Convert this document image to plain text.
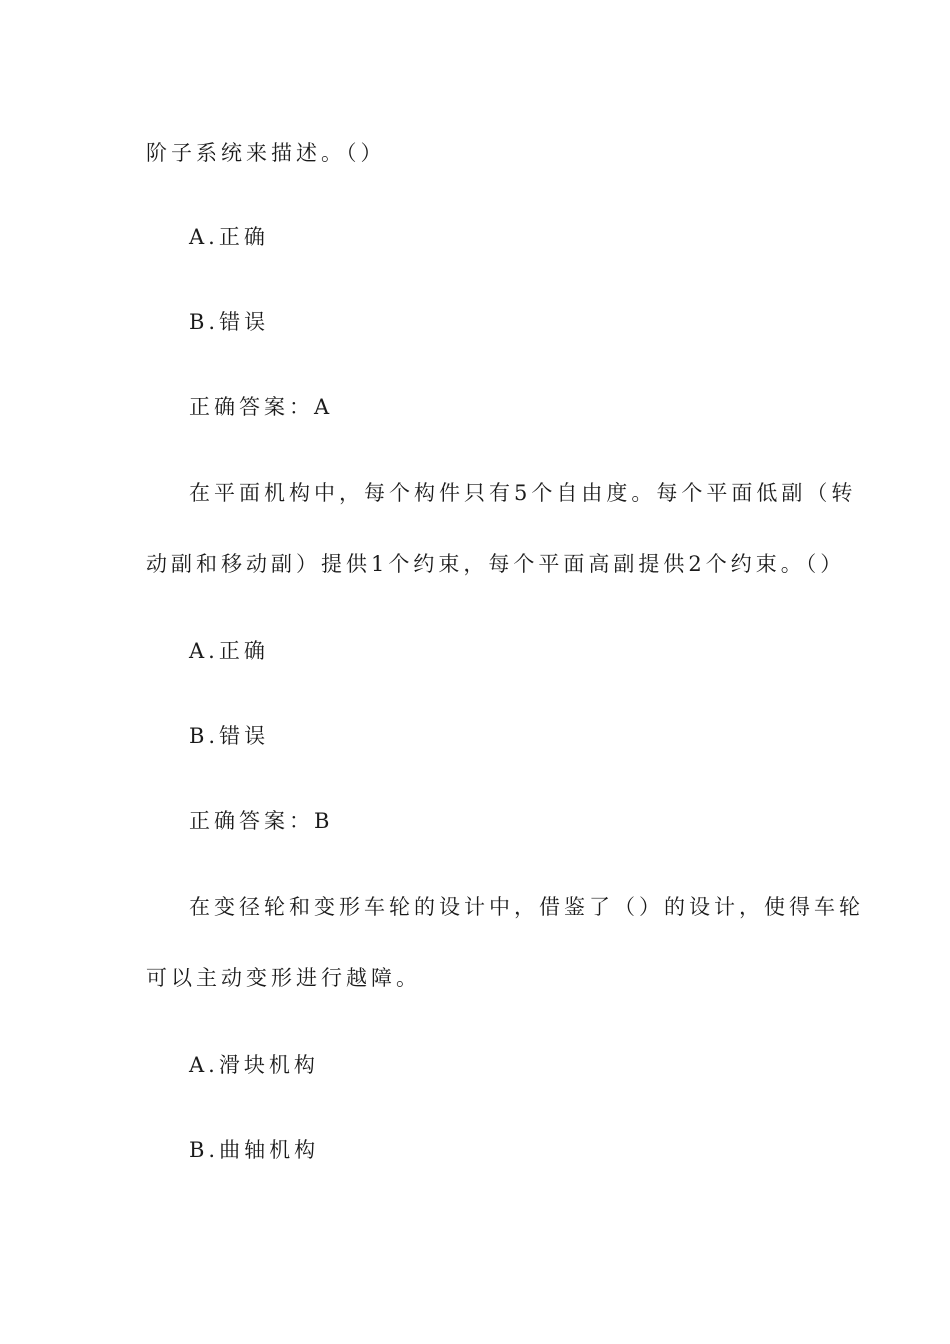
阶子系统来描述。（）
A.正确
B.错误
正确答案：A
在平面机构中，每个构件只有5个自由度。每个平面低副（转
动副和移动副）提供1个约束，每个平面高副提供2个约束。（）
A.正确
B.错误
正确答案：B
在变径轮和变形车轮的设计中，借鉴了（）的设计，使得车轮
可以主动变形进行越障。
A.滑块机构
B.曲轴机构
